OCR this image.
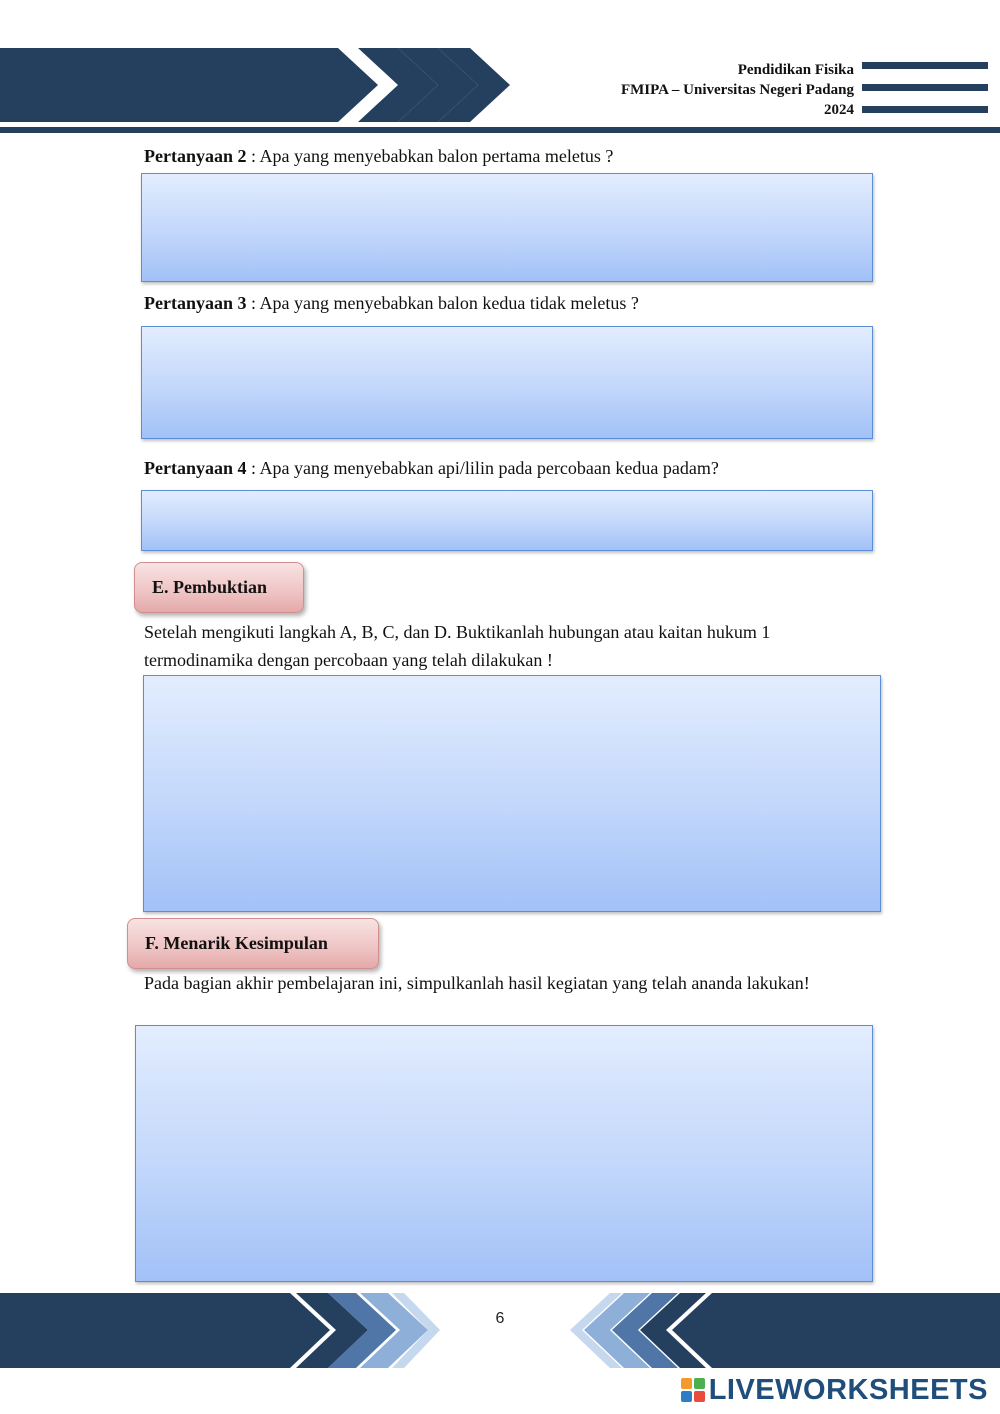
Pendidikan Fisika
FMIPA – Universitas Negeri Padang
2024
Pertanyaan 2 : Apa yang menyebabkan balon pertama meletus ?
Pertanyaan 3 : Apa yang menyebabkan balon kedua tidak meletus ?
Pertanyaan 4 : Apa yang menyebabkan api/lilin pada percobaan kedua padam?
E. Pembuktian
Setelah mengikuti langkah A, B, C, dan D. Buktikanlah hubungan atau kaitan hukum 1
termodinamika dengan percobaan yang telah dilakukan !
F. Menarik Kesimpulan
Pada bagian akhir pembelajaran ini, simpulkanlah hasil kegiatan yang telah ananda lakukan!
6
LIVEWORKSHEETS
